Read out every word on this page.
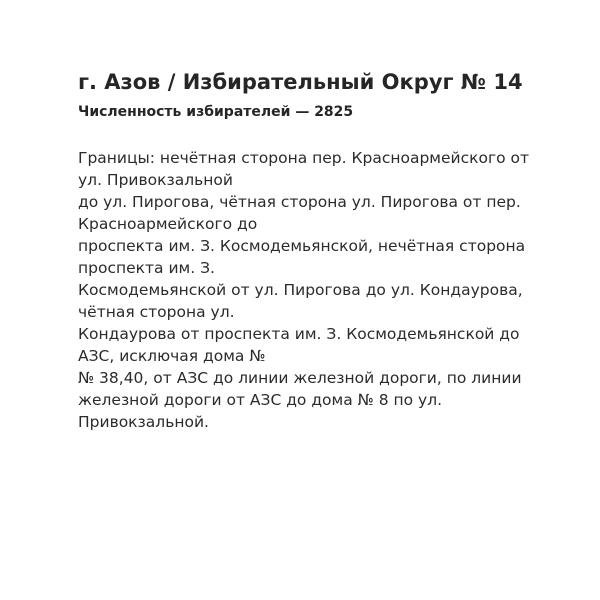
г. Азов / Избирательный Округ № 14
Численность избирателей — 2825
Границы: нечётная сторона пер. Красноармейского от
ул. Привокзальной
до ул. Пирогова, чётная сторона ул. Пирогова от пер.
Красноармейского до
проспекта им. З. Космодемьянской, нечётная сторона
проспекта им. З.
Космодемьянской от ул. Пирогова до ул. Кондаурова,
чётная сторона ул.
Кондаурова от проспекта им. З. Космодемьянской до
АЗС, исключая дома №
№ 38,40, от АЗС до линии железной дороги, по линии
железной дороги от АЗС до дома № 8 по ул.
Привокзальной.
